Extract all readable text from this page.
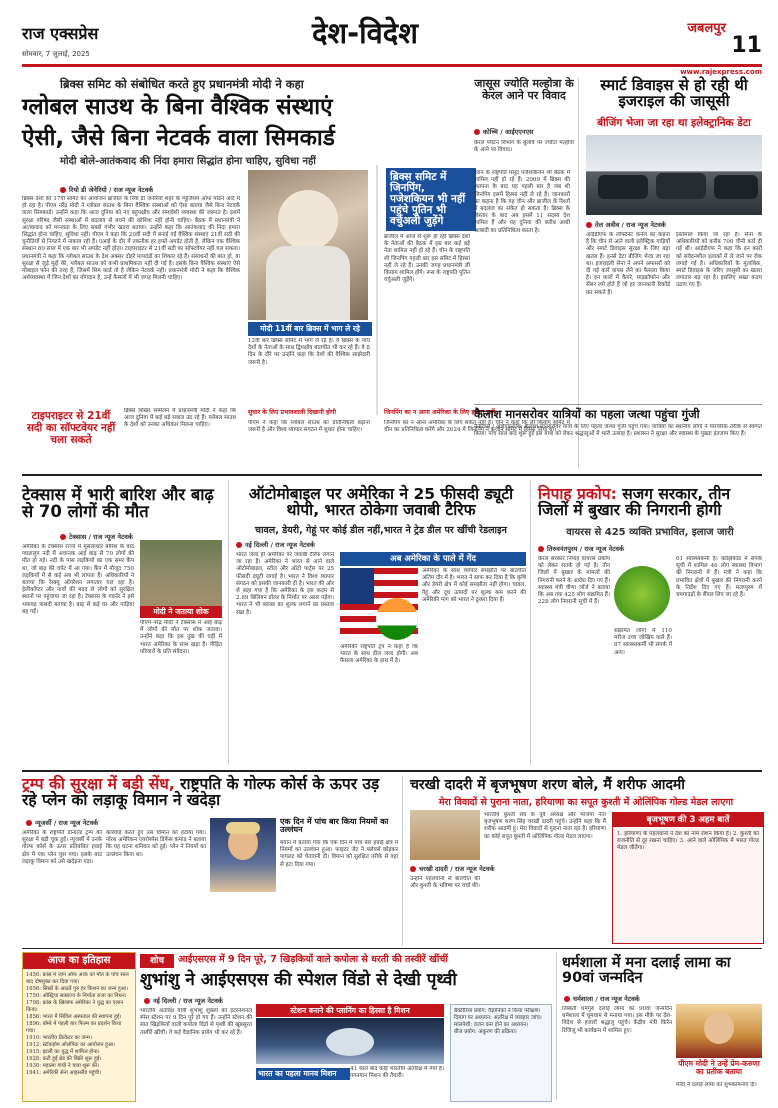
राज एक्सप्रेस
सोमवार, 7 जुलाई, 2025
देश-विदेश	जबलपुर
11
www.rajexpress.com
ब्रिक्स समिट को संबोधित करते हुए प्रधानमंत्री मोदी ने कहा
ग्लोबल साउथ के बिना वैश्विक संस्थाएं
ऐसी, जैसे बिना नेटवर्क वाला सिमकार्ड
मोदी बोले-आतंकवाद की निंदा हमारा सिद्धांत होना चाहिए, सुविधा नहीं
रियो डी जेनेरियो / राज न्यूज नेटवर्क
ब्रिक्स देशों की 17वीं समिट का आयोजन ब्राजील के रियो डी जनेरियो शहर के म्यूजियम ऑफ मॉडर्न आर्ट में हो रहा है। पीएम नरेंद्र मोदी ने ग्लोबल साउथ के बिना वैश्विक संस्थाओं को ऐसा बताया जैसे बिना नेटवर्क वाला सिमकार्ड। उन्होंने कहा कि आज दुनिया को नए बहुपक्षीय और समावेशी व्यवस्था की जरूरत है। इसमें सुरक्षा परिषद जैसी संस्थाओं में बदलाव से बचने की कोशिश नहीं होनी चाहिए। बैठक में प्रधानमंत्री ने आतंकवाद को मानवता के लिए सबसे गंभीर खतरा बताया। उन्होंने कहा कि आतंकवाद की निंदा हमारा सिद्धांत होना चाहिए, सुविधा नहीं। पीएम ने कहा कि 20वीं सदी में बनाई गईं वैश्विक संस्थाएं 21वीं सदी की चुनौतियों से निपटने में नाकाम रही हैं। एआई के दौर में तकनीक हर हफ्ते अपडेट होती है, लेकिन एक वैश्विक संस्थान 80 साल में एक बार भी अपडेट नहीं होता। टाइपराइटर से 21वीं सदी का सॉफ्टवेयर नहीं चल सकता। प्रधानमंत्री ने कहा कि ग्लोबल साउथ के देश अक्सर दोहरे मापदंडों का शिकार रहे हैं। संसाधनों की बात हो, या सुरक्षा से जुड़े मुद्दों की, ग्लोबल साउथ को कभी प्राथमिकता नहीं दी गई है। इसके बिना वैश्विक संस्थाएं ऐसे मोबाइल फोन की तरह हैं, जिसमें सिम कार्ड तो है लेकिन नेटवर्क नहीं। प्रधानमंत्री मोदी ने कहा कि वैश्विक अर्थव्यवस्था में जिन देशों का योगदान है, उन्हें फैसलों में भी जगह मिलनी चाहिए।
मोदी 11वीं बार ब्रिक्स में भाग ले रहे
12वीं बार ब्रिक्स समिट में भाग ले रहे हैं। वे ब्रिक्स के पांच देशों के नेताओं के साथ द्विपक्षीय बातचीत भी कर रहे हैं। वे 8 दिन के दौरे पर उन्होंने कहा कि देशों की वैश्विक साझेदारी जरूरी है।
ब्रिक्स समिट में जिनपिंग, पजेशकियन भी नहीं पहुंचे पुतिन भी वर्चुअली जुड़ेंगे
ब्राजील में आज से शुरू हो रही ब्रिक्स देशों के नेताओं की बैठक में इस बार कई बड़े नेता शामिल नहीं हो रहे हैं। चीन के राष्ट्रपति शी जिनपिंग पहली बार इस समिट में हिस्सा नहीं ले रहे हैं। उनकी जगह प्रधानमंत्री ली कियांग शामिल होंगे। रूस के राष्ट्रपति पुतिन वर्चुअली जुड़ेंगे।
ईरान के राष्ट्रपति मसूद पजेशकियन भी बैठक में शामिल नहीं हो रहे हैं। 2009 में ब्रिक्स की स्थापना के बाद यह पहली बार है जब शी जिनपिंग इसमें हिस्सा नहीं ले रहे हैं। जानकारों का कहना है कि यह चीन और ब्राजील के रिश्तों में बदलाव का संकेत हो सकता है। ब्रिक्स के विस्तार के बाद अब इसमें 11 सदस्य देश शामिल हैं और यह दुनिया की करीब आधी आबादी का प्रतिनिधित्व करता है।
टाइपराइटर से 21वीं सदी का सॉफ्टवेयर नहीं चला सकते
ब्रिक्स शिखर सम्मेलन में प्रधानमंत्री मोदी ने कहा कि आज दुनिया में कई बड़े सवाल उठ रहे हैं। ग्लोबल साउथ के देशों को उनका अधिकार मिलना चाहिए।
सुधार के लिए प्रभावशाली दिखानी होगी
पीएम ने कहा कि ग्लोबल साउथ का प्रतिनिधित्व बढ़ाना जरूरी है और विश्व व्यापार संगठन में सुधार होना चाहिए।
जिनपिंग का न आना अमेरिका के लिए इशारा नहीं
जिनपिंग का न आना अमेरिका के लिए संकेत नहीं है। चीन ने कहा कि ली कियांग समिट में चीन का प्रतिनिधित्व करेंगे और 2024 में जिनपिंग ने कजान समिट में हिस्सा लिया था।
जासूस ज्योति मल्होत्रा के केरल आने पर विवाद
कोच्चि / आईएएनएस
केरल पर्यटन विभाग के बुलावे पर ज्योति मल्होत्रा के आने पर विवाद।
स्मार्ट डिवाइस से हो रही थी इजराइल की जासूसी
बीजिंग भेजा जा रहा था इलेक्ट्रानिक डेटा
तेल अवीव / राज न्यूज नेटवर्क
आईडीएफ के लेफ्टिनेंट कर्नल का कहना है कि चीन से आने वाली इलेक्ट्रिक गाड़ियों और स्मार्ट डिवाइस सुरक्षा के लिए बड़ा खतरा हैं। इनसे डेटा बीजिंग भेजा जा रहा था। इजराइली सेना ने अपने अफसरों को दी गई कारें वापस लेने का फैसला किया है। इन कारों में कैमरे, माइक्रोफोन और सेंसर लगे होते हैं जो हर जानकारी रिकॉर्ड कर सकते हैं।
इस्तेमाल किया जा रहा है। सेना के अधिकारियों को करीब 700 चीनी कारें दी गई थीं। आईडीएफ ने कहा कि इन कारों को संवेदनशील इलाकों में ले जाने पर रोक लगाई गई है। अधिकारियों के मुताबिक, स्मार्ट डिवाइस के जरिए जासूसी का खतरा लगातार बढ़ रहा है। इसलिए सख्त कदम उठाए गए हैं।
कैलाश मानसरोवर यात्रियों का पहला जत्था पहुंचा गुंजी
नैनीताल / आईएएनएस: कैलाश मानसरोवर यात्रा के लिए पहला जत्था गुंजी पहुंच गया। यात्रियों का स्थानीय लोगों ने पारंपरिक तरीके से स्वागत किया। पांच साल बाद शुरू हुई इस यात्रा को लेकर श्रद्धालुओं में भारी उत्साह है। प्रशासन ने सुरक्षा और स्वास्थ्य के पुख्ता इंतजाम किए हैं।
टेक्सास में भारी बारिश और बाढ़ से 70 लोगों की मौत
टेक्सास / राज न्यूज नेटवर्क
अमेरिका के टेक्सास राज्य में मूसलाधार बारिश के बाद ग्वाडालूप नदी में अचानक आई बाढ़ से 70 लोगों की मौत हो गई। नदी के पास लड़कियों का एक समर कैंप था, जो बाढ़ की चपेट में आ गया। कैंप में मौजूद 750 लड़कियों में से कई अब भी लापता हैं। अधिकारियों ने बताया कि रेस्क्यू ऑपरेशन लगातार चल रहा है। हेलीकॉप्टर और नावों की मदद से लोगों को सुरक्षित स्थानों पर पहुंचाया जा रहा है। टेक्सास के गवर्नर ने इसे भयावह त्रासदी बताया है। बाढ़ से कई घर और गाड़ियां बह गईं।	मोदी ने जताया शोक
पीएम नरेंद्र मोदी ने टेक्सास में आई बाढ़ में लोगों की मौत पर शोक जताया। उन्होंने कहा कि इस दुख की घड़ी में भारत अमेरिका के साथ खड़ा है। पीड़ित परिवारों के प्रति संवेदना।
ऑटोमोबाइल पर अमेरिका ने 25 फीसदी ड्यूटी थोपी, भारत ठोकेगा जवाबी टैरिफ
चावल, डेयरी, गेहूं पर कोई डील नहीं,भारत ने ट्रेड डील पर खींची रेडलाइन
नई दिल्ली / राज न्यूज नेटवर्क
भारत जल्द ही अमेरिका पर जवाबी टैरिफ लगाने जा रहा है। अमेरिका ने भारत से आने वाले ऑटोमोबाइल, स्टील और ऑटो पार्ट्स पर 25 फीसदी ड्यूटी लगाई है। भारत ने विश्व व्यापार संगठन को इसकी जानकारी दी है। भारत की ओर से कहा गया है कि अमेरिका के इस कदम से 2.89 बिलियन डॉलर के निर्यात पर असर पड़ेगा। भारत ने भी बराबर का शुल्क लगाने का प्रस्ताव रखा है।
अब अमेरिका के पाले में गेंद
अमेरिका के साथ व्यापार समझौते पर बातचीत अंतिम दौर में है। भारत ने साफ कर दिया है कि कृषि और डेयरी क्षेत्र में कोई समझौता नहीं होगा। चावल, गेहूं और दूध उत्पादों पर शुल्क कम करने की अमेरिकी मांग को भारत ने ठुकरा दिया है।
अमेरिकी राष्ट्रपति ट्रंप ने कहा है कि भारत के साथ डील जल्द होगी। अब फैसला अमेरिका के हाथ में है।
निपाह प्रकोप: सजग सरकार, तीन जिलों में बुखार की निगरानी होगी
वायरस से 425 व्यक्ति प्रभावित, इलाज जारी
तिरुवनंतपुरम / राज न्यूज नेटवर्क
केरल सरकार निपाह वायरस प्रकोप को लेकर सतर्क हो गई है। तीन जिलों में बुखार के मामलों की निगरानी करने के आदेश दिए गए हैं। स्वास्थ्य मंत्री वीणा जॉर्ज ने बताया कि अब तक 425 लोग संक्रमित हैं। 228 लोग निगरानी सूची में हैं।
संक्रमित लोगों में 110 मरीज उच्च जोखिम वाले हैं। 87 स्वास्थ्यकर्मी भी संपर्क में आए।
61 स्वास्थ्यकर्मी हैं। कोझिकोड में संपर्क सूची में शामिल 46 लोग स्वास्थ्य विभाग की निगरानी में हैं। मंत्री ने कहा कि प्रभावित क्षेत्रों में बुखार की निगरानी करने के निर्देश दिए गए हैं। मलप्पुरम में चमगादड़ों के सैंपल लिए जा रहे हैं।
ट्रम्प की सुरक्षा में बड़ी सेंध, राष्ट्रपति के गोल्फ कोर्स के ऊपर उड़ रहे प्लेन को लड़ाकू विमान ने खदेड़ा
न्यूजर्सी / राज न्यूज नेटवर्क
अमेरिका के राष्ट्रपति डोनाल्ड ट्रम्प की सुरक्षा में बड़ी चूक हुई। न्यूजर्सी में उनके गोल्फ कोर्स के ऊपर प्रतिबंधित हवाई क्षेत्र में एक प्लेन घुस गया। इसके बाद लड़ाकू विमान को उसे खदेड़ना पड़ा।
कार्रवाई करते हुए उस विमान को हटाया गया। नॉरथ अमेरिकन एयरोस्पेस डिफेंस कमांड ने बताया कि यह घटना शनिवार को हुई। प्लेन ने नियमों का उल्लंघन किया था।
एक दिन में पांच बार किया नियमों का उल्लंघन
बयान में बताया गया कि एक दिन में पांच बार हवाई क्षेत्र में नियमों का उल्लंघन हुआ। फाइटर जेट ने फ्लेयर्स छोड़कर पायलट को चेतावनी दी। विमान को सुरक्षित तरीके से वहां से हटा दिया गया।
चरखी दादरी में बृजभूषण शरण बोले, मैं शरीफ आदमी
मेरा विवादों से पुराना नाता, हरियाणा का सपूत कुश्ती में ओलिंपिक गोल्ड मेडल लाएगा
चरखी दादरी / राज न्यूज नेटवर्क
भारतीय कुश्ती संघ के पूर्व अध्यक्ष और भाजपा नेता बृजभूषण शरण सिंह चरखी दादरी पहुंचे। उन्होंने कहा कि मैं शरीफ आदमी हूं। मेरा विवादों से पुराना नाता रहा है। हरियाणा का कोई सपूत कुश्ती में ओलिंपिक गोल्ड मेडल लाएगा।
उन्होंने पहलवानों से बातचीत की और कुश्ती के भविष्य पर चर्चा की।
बृजभूषण की 3 अहम बातें
1. हरियाणा के पहलवानों ने देश का नाम रोशन किया है। 2. कुश्ती को राजनीति से दूर रखना चाहिए। 3. आने वाले ओलिंपिक में भारत गोल्ड मेडल जीतेगा।
आज का इतिहास
1456: फ्रांस में जोन ऑफ आर्क को मौत के पांच साल बाद दोषमुक्त कर दिया गया।
1656: सिखों के आठवें गुरु हर किशन का जन्म हुआ।
1750: ऑस्ट्रिया साम्राज्य के निर्माता राजा का निधन।
1798: फ्रांस के खिलाफ अमेरिका ने युद्ध का एलान किया।
1856: भारत में सिविल अस्पताल की स्थापना हुई।
1896: बॉम्बे में पहली बार फिल्म का प्रदर्शन किया गया।
1910: भारतीय क्रिकेटर का जन्म।
1912: स्टॉकहोम ओलंपिक का आयोजन हुआ।
1915: इटली का युद्ध में शामिल होना।
1928: कटी हुई ब्रेड की बिक्री शुरू हुई।
1930: महात्मा गांधी ने यात्रा शुरू की।
1941: अमेरिकी सेना आइसलैंड पहुंची।
शोध	आईएसएस में 9 दिन पूरे, 7 खिड़कियों वाले कपोला से धरती की तस्वीरें खींचीं
शुभांशु ने आईएसएस की स्पेशल विंडो से देखी पृथ्वी
नई दिल्ली / राज न्यूज नेटवर्क
भारतीय अंतरिक्ष यात्री शुभांशु शुक्ला को इंटरनेशनल स्पेस स्टेशन पर 9 दिन पूरे हो गए हैं। उन्होंने स्टेशन की सात खिड़कियों वाली कपोला विंडो से पृथ्वी की खूबसूरत तस्वीरें खींचीं। वे कई वैज्ञानिक प्रयोग भी कर रहे हैं।
स्टेशन बनाने की प्लानिंग का हिस्सा है मिशन
भारत का पहला मानव मिशन	41 साल बाद कोई भारतीय अंतरिक्ष में गया है। गगनयान मिशन की तैयारी।
बैक्टीरिया प्रयोग: वैज्ञानिकों ने किया परीक्षण।
दिमाग पर अध्ययन: अंतरिक्ष में व्यवहार जांच।
मांसपेशी: वजन कम होने का अध्ययन।
बीज प्रयोग: अंकुरण की प्रक्रिया।
धर्मशाला में मना दलाई लामा का 90वां जन्मदिन
धर्मशाला / राज न्यूज नेटवर्क
तिब्बती धर्मगुरु दलाई लामा का 90वां जन्मदिन धर्मशाला में धूमधाम से मनाया गया। इस मौके पर देश-विदेश से हजारों श्रद्धालु पहुंचे। केंद्रीय मंत्री किरेन रिजिजू भी कार्यक्रम में शामिल हुए।
पीएम मोदी ने उन्हें प्रेम-करुणा का प्रतीक बताया
मोदी ने दलाई लामा को शुभकामनाएं दीं।
